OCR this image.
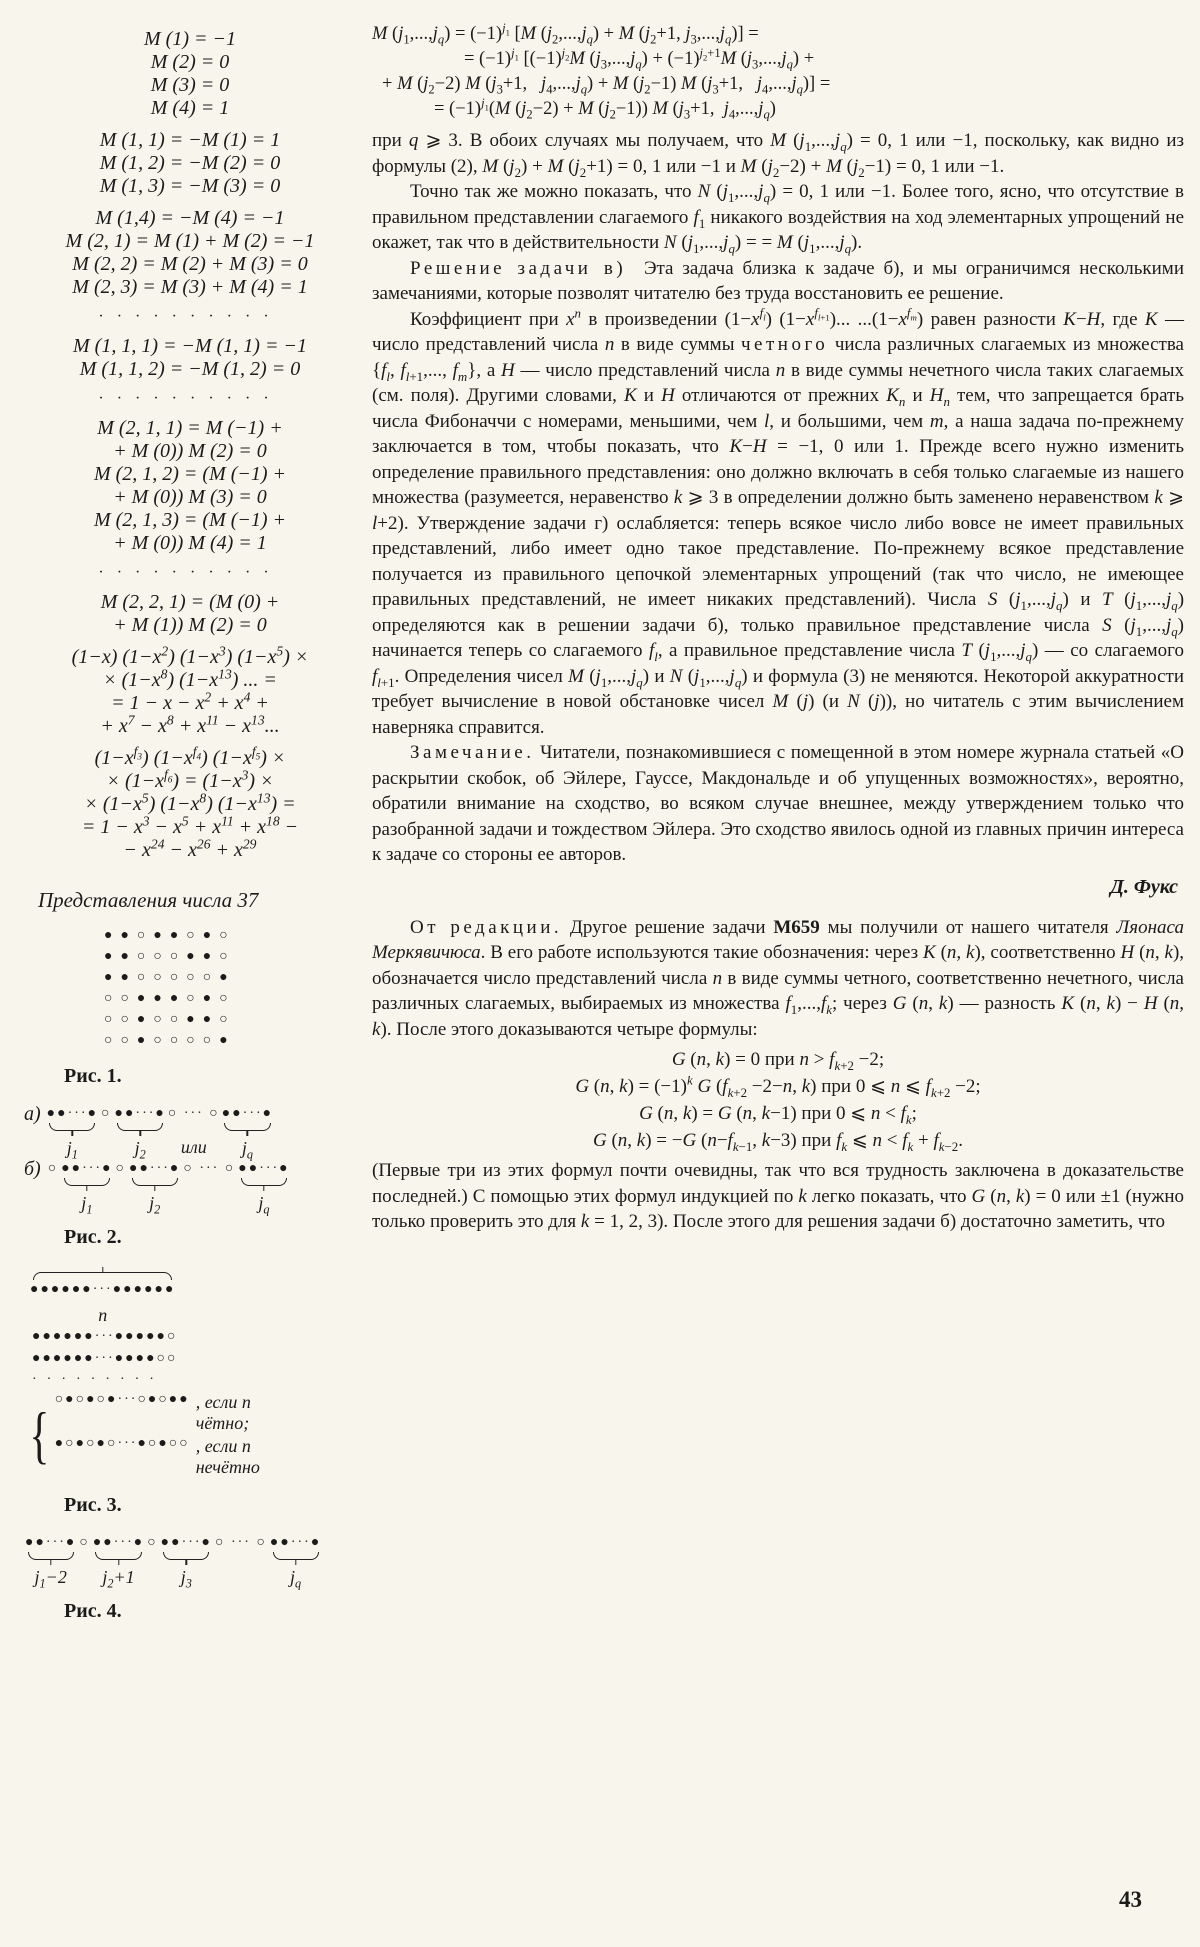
M (1) = −1
M (2) = 0
M (3) = 0
M (4) = 1
M (1, 1) = −M (1) = 1
M (1, 2) = −M (2) = 0
M (1, 3) = −M (3) = 0
M (1,4) = −M (4) = −1
M (2, 1) = M (1) + M (2) = −1
M (2, 2) = M (2) + M (3) = 0
M (2, 3) = M (3) + M (4) = 1
··········
M (1, 1, 1) = −M (1, 1) = −1
M (1, 1, 2) = −M (1, 2) = 0
··········
M (2, 1, 1) = M (−1) +
+ M (0)) M (2) = 0
M (2, 1, 2) = (M (−1) +
+ M (0)) M (3) = 0
M (2, 1, 3) = (M (−1) +
+ M (0)) M (4) = 1
··········
M (2, 2, 1) = (M (0) +
+ M (1)) M (2) = 0
(1−x) $(1-x^2)$ $(1-x^3) (1-x^5)$ ×
× $(1-x^8)$ $(1-x^{13})$ ... =
= $1 - x - x^2 + x^4$ +
+ $x^7 - x^8 + x^{11} - x^{13}$...
$(1-x^{f_3})$ $(1-x^{f_4}) (1-x^{f_5})$ ×
× $(1-x^{f_6}) = (1-x^3)$ ×
× $(1-x^5)$ $(1-x^8) (1-x^{13})$ =
= $1 - x^3 - x^5 + x^{11} + x^{18}$ −
− $x^{24} - x^{26} + x^{29}$
Представления числа 37
●●○●●○●○
●●○○○●●○
●●○○○○○●
○○●●●○●○
○○●○○●●○
○○●○○○○●
Рис. 1.
а) ●●···●
$j_1$
○ ●●···●
$j_2$
○ ··· ○
или
●●···●
$j_q$
б) ○ ●●···●
$j_1$
○ ●●···●
$j_2$
○ ··· ○ ●●···●
$j_q$
Рис. 2.
●●●●●●···●●●●●●
n
●●●●●●···●●●●●○
●●●●●●···●●●●○○
·········
{ ○●○●○●···○●○●● , если n чётно;
●○●○●○···●○●○○ , если n нечётно
Рис. 3.
●●···●
$j_1-2$
○ ●●···●
$j_2+1$
○ ●●···●
$j_3$
○ ··· ○ ●●···●
$j_q$
Рис. 4.
M $(j_1,...,j_q) = (-1)^{j_1}$ [M $(j_2,...,j_q) + M$ ($j_2+1$, $j_3,...,j_q$)] =
= $(-1)^{j_1}$ [$(-1)^{j_2}M$ $(j_3,...,j_q) + (-1)^{j_2+1}M$ $(j_3,...,j_q)$ +
+ M $(j_2-2)$ M ($j_3+1$,   $j_4,...,j_q) + M$ $(j_2-1)$ M ($j_3+1$,   $j_4,...,j_q$)] =
= $(-1)^{j_1}(M$ $(j_2-2) + M$ $(j_2-1)$) M ($j_3+1$,  $j_4,...,j_q$)
при q ⩾ 3. В обоих случаях мы получаем, что M $(j_1,...,j_q) = 0$, 1 или −1, поскольку, как видно из формулы (2), M $(j_2) + M$ $(j_2+1) = 0$, 1 или −1 и M $(j_2-2) + M$ $(j_2-1) = 0$, 1 или −1.
Точно так же можно показать, что N $(j_1,...,j_q) = 0$, 1 или −1. Более того, ясно, что отсутствие в правильном представлении слагаемого $f_1$ никакого воздействия на ход элементарных упрощений не окажет, так что в действительности N $(j_1,...,j_q)$ = = M $(j_1,...,j_q)$.
Решение задачи в)  Эта задача близка к задаче б), и мы ограничимся несколькими замечаниями, которые позволят читателю без труда восстановить ее решение.
Коэффициент при $x^n$ в произведении $(1-x^{f_l})$ $(1-x^{f_{l+1}})$... $...(1-x^{f_m})$ равен разности K−H, где K — число представлений числа n в виде суммы четного числа различных слагаемых из множества {$f_l$, $f_{l+1}$,..., $f_m$}, а H — число представлений числа n в виде суммы нечетного числа таких слагаемых (см. поля). Другими словами, K и H отличаются от прежних $K_n$ и $H_n$ тем, что запрещается брать числа Фибоначчи с номерами, меньшими, чем l, и большими, чем m, а наша задача по-прежнему заключается в том, чтобы показать, что K−H = −1, 0 или 1. Прежде всего нужно изменить определение правильного представления: оно должно включать в себя только слагаемые из нашего множества (разумеется, неравенство k ⩾ 3 в определении должно быть заменено неравенством k ⩾ l+2). Утверждение задачи г) ослабляется: теперь всякое число либо вовсе не имеет правильных представлений, либо имеет одно такое представление. По-прежнему всякое представление получается из правильного цепочкой элементарных упрощений (так что число, не имеющее правильных представлений, не имеет никаких представлений). Числа S $(j_1,...,j_q)$ и T $(j_1,...,j_q)$ определяются как в решении задачи б), только правильное представление числа S $(j_1,...,j_q)$ начинается теперь со слагаемого $f_l$, а правильное представление числа T $(j_1,...,j_q)$ — со слагаемого $f_{l+1}$. Определения чисел M $(j_1,...,j_q)$ и N $(j_1,...,j_q)$ и формула (3) не меняются. Некоторой аккуратности требует вычисление в новой обстановке чисел M (j) (и N (j)), но читатель с этим вычислением наверняка справится.
Замечание. Читатели, познакомившиеся с помещенной в этом номере журнала статьей «О раскрытии скобок, об Эйлере, Гауссе, Макдональде и об упущенных возможностях», вероятно, обратили внимание на сходство, во всяком случае внешнее, между утверждением только что разобранной задачи и тождеством Эйлера. Это сходство явилось одной из главных причин интереса к задаче со стороны ее авторов.
Д. Фукс
От редакции. Другое решение задачи M659 мы получили от нашего читателя Ляонаса Меркявичюса. В его работе используются такие обозначения: через K (n, k), соответственно H (n, k), обозначается число представлений числа n в виде суммы четного, соответственно нечетного, числа различных слагаемых, выбираемых из множества $f_1,...,f_k$; через G (n, k) — разность K (n, k) − H (n, k). После этого доказываются четыре формулы:
G (n, k) = 0 при $n > f_{k+2} -2$;
G (n, $k) = (-1)^k$ G ($f_{k+2} -2-n$, k) при 0 ⩽ n ⩽ $f_{k+2} -2$;
G (n, k) = G (n, k−1) при 0 ⩽ $n < f_k$;
G (n, k) = −G ($n-f_{k-1}$, k−3) при $f_k$ ⩽ $n < f_k + f_{k-2}$.
(Первые три из этих формул почти очевидны, так что вся трудность заключена в доказательстве последней.) С помощью этих формул индукцией по k легко показать, что G (n, k) = 0 или ±1 (нужно только проверить это для k = 1, 2, 3). После этого для решения задачи б) достаточно заметить, что
43
